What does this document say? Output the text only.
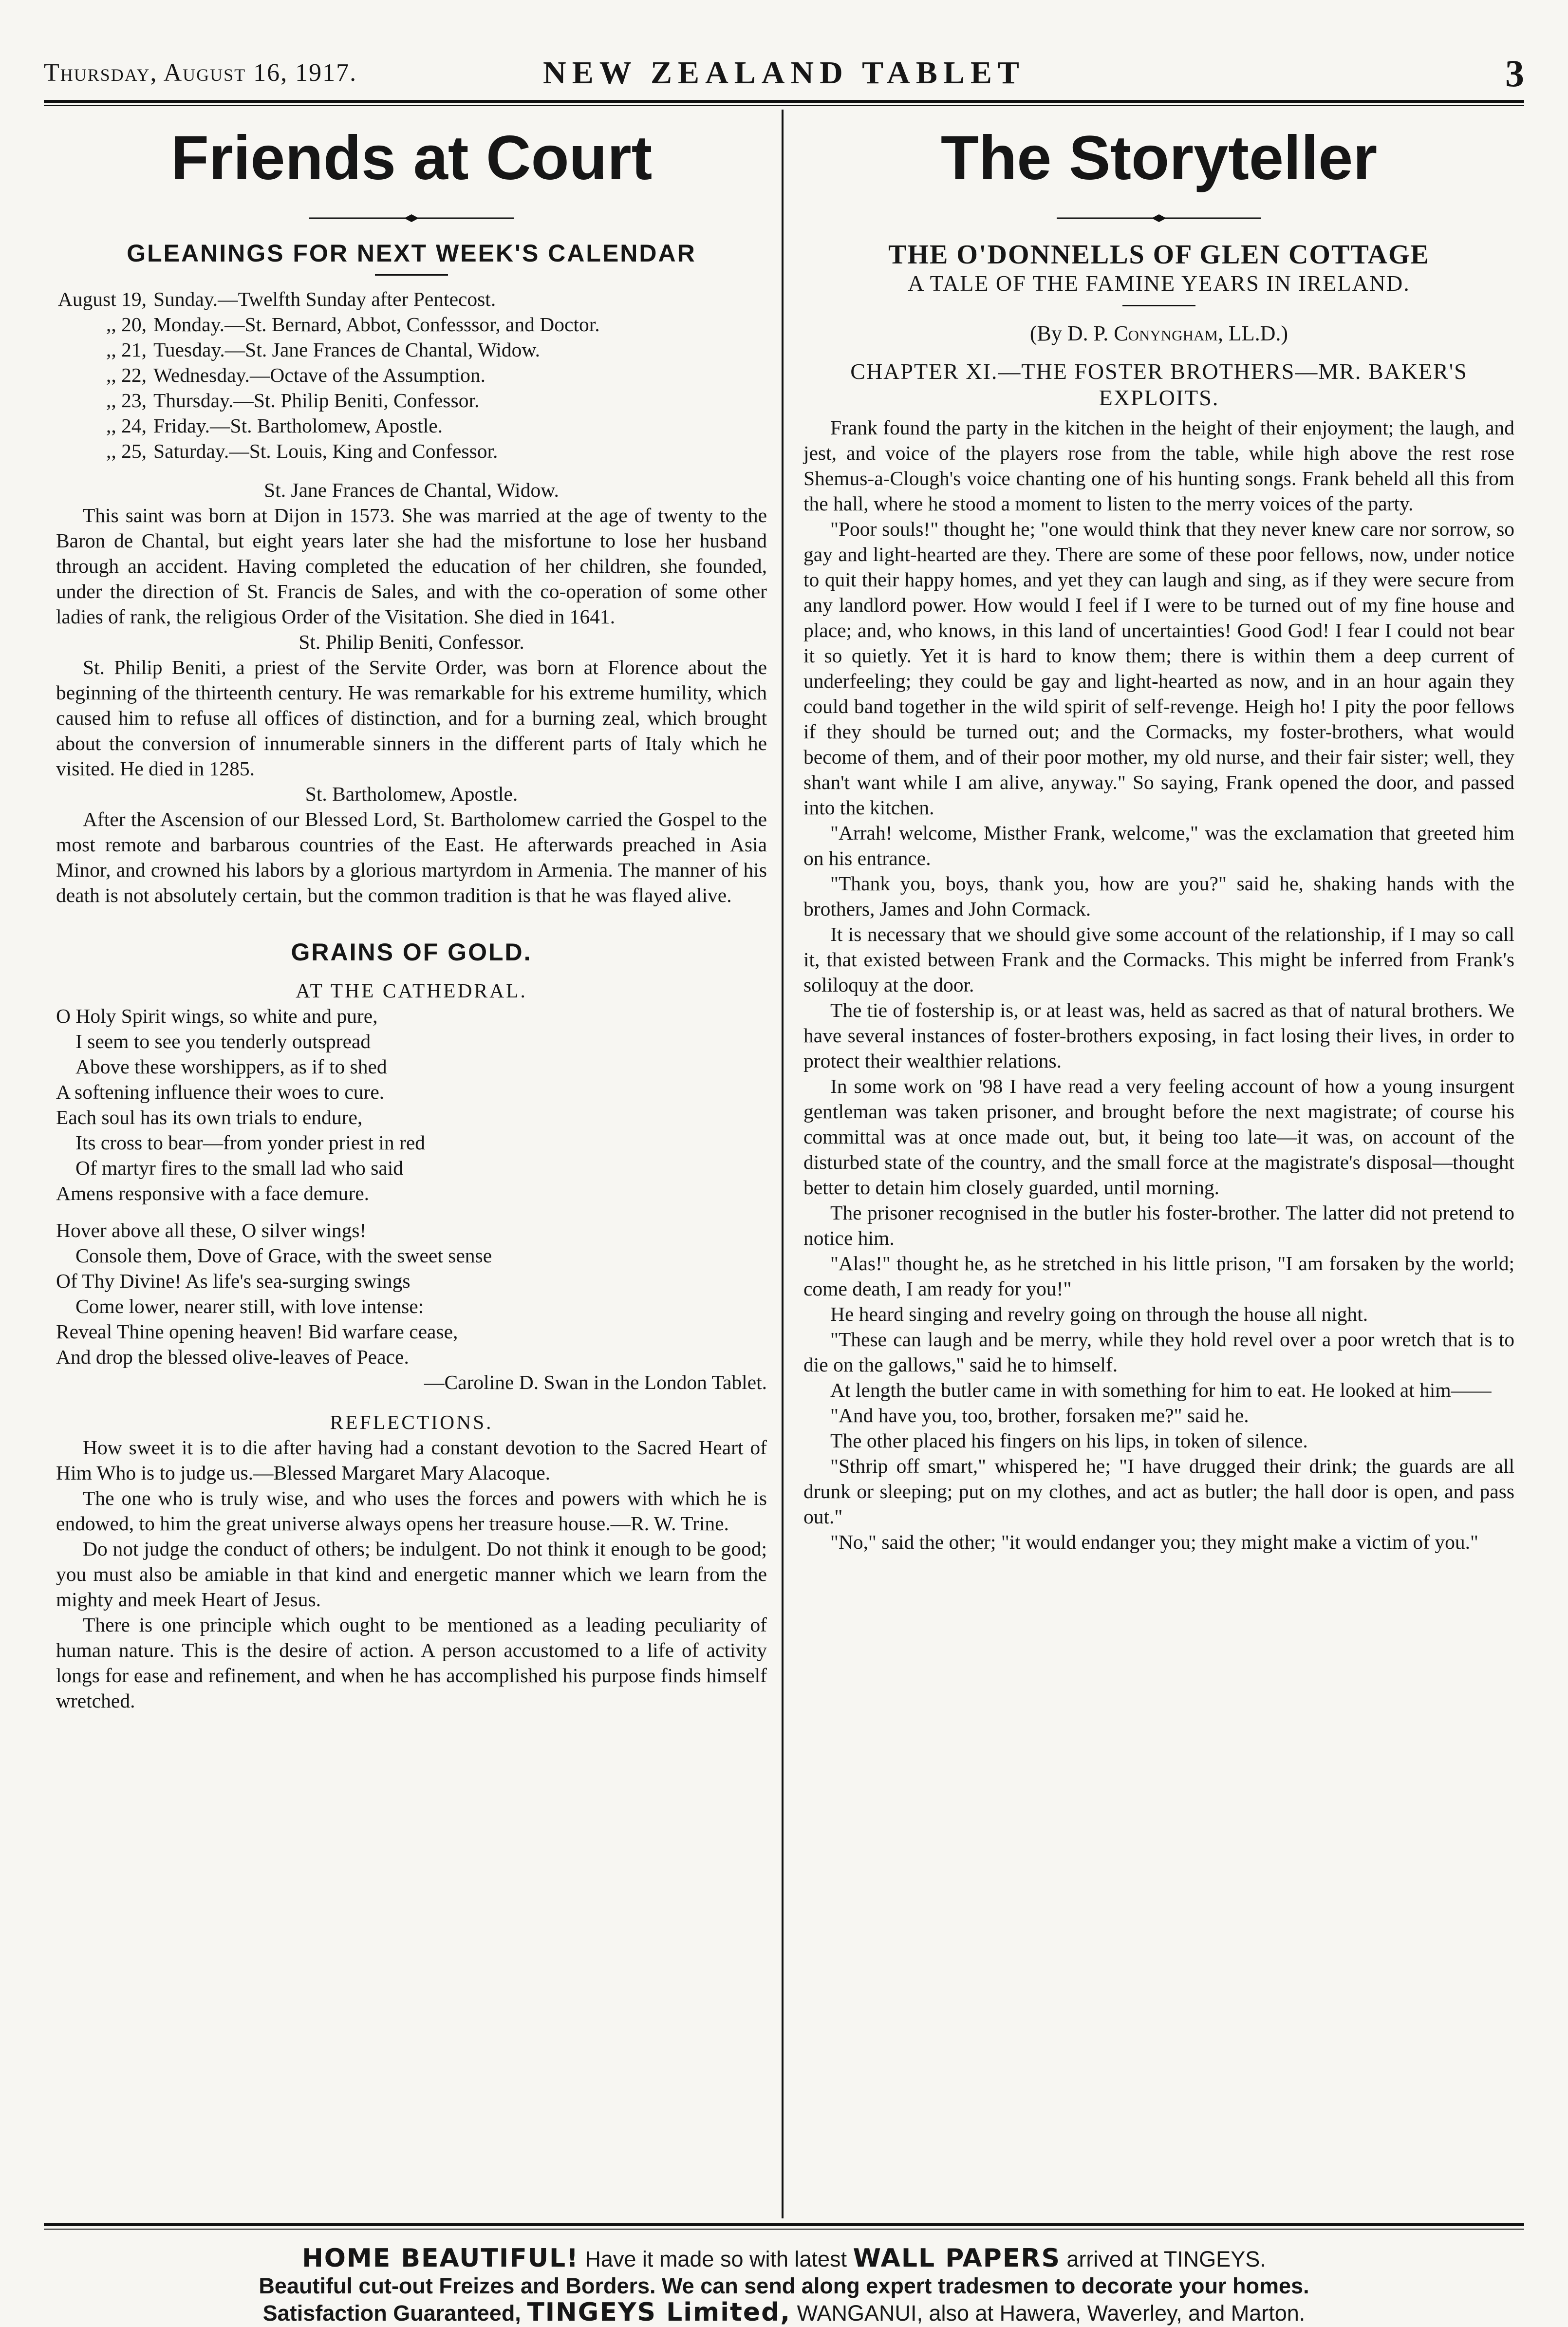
Thursday, August 16, 1917.	NEW ZEALAND TABLET	3
Friends at Court
GLEANINGS FOR NEXT WEEK'S CALENDAR
August 19, Sunday.—Twelfth Sunday after Pentecost.
,, 20, Monday.—St. Bernard, Abbot, Confesssor, and Doctor.
,, 21, Tuesday.—St. Jane Frances de Chantal, Widow.
,, 22, Wednesday.—Octave of the Assumption.
,, 23, Thursday.—St. Philip Beniti, Confessor.
,, 24, Friday.—St. Bartholomew, Apostle.
,, 25, Saturday.—St. Louis, King and Confessor.

St. Jane Frances de Chantal, Widow.

This saint was born at Dijon in 1573. She was married at the age of twenty to the Baron de Chantal, but eight years later she had the misfortune to lose her husband through an accident. Having completed the education of her children, she founded, under the direction of St. Francis de Sales, and with the co-operation of some other ladies of rank, the religious Order of the Visitation. She died in 1641.

St. Philip Beniti, Confessor.

St. Philip Beniti, a priest of the Servite Order, was born at Florence about the beginning of the thirteenth century. He was remarkable for his extreme humility, which caused him to refuse all offices of distinction, and for a burning zeal, which brought about the conversion of innumerable sinners in the different parts of Italy which he visited. He died in 1285.

St. Bartholomew, Apostle.

After the Ascension of our Blessed Lord, St. Bartholomew carried the Gospel to the most remote and barbarous countries of the East. He afterwards preached in Asia Minor, and crowned his labors by a glorious martyrdom in Armenia. The manner of his death is not absolutely certain, but the common tradition is that he was flayed alive.

GRAINS OF GOLD.

AT THE CATHEDRAL.

O Holy Spirit wings, so white and pure,
I seem to see you tenderly outspread
Above these worshippers, as if to shed
A softening influence their woes to cure.
Each soul has its own trials to endure,
Its cross to bear—from yonder priest in red
Of martyr fires to the small lad who said
Amens responsive with a face demure.
Hover above all these, O silver wings!
Console them, Dove of Grace, with the sweet sense
Of Thy Divine! As life's sea-surging swings
Come lower, nearer still, with love intense:
Reveal Thine opening heaven! Bid warfare cease,
And drop the blessed olive-leaves of Peace.

—Caroline D. Swan in the London Tablet.

REFLECTIONS.

How sweet it is to die after having had a constant devotion to the Sacred Heart of Him Who is to judge us.—Blessed Margaret Mary Alacoque.

The one who is truly wise, and who uses the forces and powers with which he is endowed, to him the great universe always opens her treasure house.—R. W. Trine.

Do not judge the conduct of others; be indulgent. Do not think it enough to be good; you must also be amiable in that kind and energetic manner which we learn from the mighty and meek Heart of Jesus.

There is one principle which ought to be mentioned as a leading peculiarity of human nature. This is the desire of action. A person accustomed to a life of activity longs for ease and refinement, and when he has accomplished his purpose finds himself wretched.

The Storyteller
THE O'DONNELLS OF GLEN COTTAGE

A TALE OF THE FAMINE YEARS IN IRELAND.

(By D. P. Conyngham, LL.D.)

CHAPTER XI.—THE FOSTER BROTHERS—MR. BAKER'S EXPLOITS.

Frank found the party in the kitchen in the height of their enjoyment; the laugh, and jest, and voice of the players rose from the table, while high above the rest rose Shemus-a-Clough's voice chanting one of his hunting songs. Frank beheld all this from the hall, where he stood a moment to listen to the merry voices of the party.

"Poor souls!" thought he; "one would think that they never knew care nor sorrow, so gay and light-hearted are they. There are some of these poor fellows, now, under notice to quit their happy homes, and yet they can laugh and sing, as if they were secure from any landlord power. How would I feel if I were to be turned out of my fine house and place; and, who knows, in this land of uncertainties! Good God! I fear I could not bear it so quietly. Yet it is hard to know them; there is within them a deep current of underfeeling; they could be gay and light-hearted as now, and in an hour again they could band together in the wild spirit of self-revenge. Heigh ho! I pity the poor fellows if they should be turned out; and the Cormacks, my foster-brothers, what would become of them, and of their poor mother, my old nurse, and their fair sister; well, they shan't want while I am alive, anyway." So saying, Frank opened the door, and passed into the kitchen.

"Arrah! welcome, Misther Frank, welcome," was the exclamation that greeted him on his entrance.

"Thank you, boys, thank you, how are you?" said he, shaking hands with the brothers, James and John Cormack.

It is necessary that we should give some account of the relationship, if I may so call it, that existed between Frank and the Cormacks. This might be inferred from Frank's soliloquy at the door.

The tie of fostership is, or at least was, held as sacred as that of natural brothers. We have several instances of foster-brothers exposing, in fact losing their lives, in order to protect their wealthier relations.

In some work on '98 I have read a very feeling account of how a young insurgent gentleman was taken prisoner, and brought before the next magistrate; of course his committal was at once made out, but, it being too late—it was, on account of the disturbed state of the country, and the small force at the magistrate's disposal—thought better to detain him closely guarded, until morning.

The prisoner recognised in the butler his foster-brother. The latter did not pretend to notice him.

"Alas!" thought he, as he stretched in his little prison, "I am forsaken by the world; come death, I am ready for you!"

He heard singing and revelry going on through the house all night.

"These can laugh and be merry, while they hold revel over a poor wretch that is to die on the gallows," said he to himself.

At length the butler came in with something for him to eat. He looked at him——

"And have you, too, brother, forsaken me?" said he.

The other placed his fingers on his lips, in token of silence.

"Sthrip off smart," whispered he; "I have drugged their drink; the guards are all drunk or sleeping; put on my clothes, and act as butler; the hall door is open, and pass out."

"No," said the other; "it would endanger you; they might make a victim of you."

HOME BEAUTIFUL! Have it made so with latest WALL PAPERS arrived at TINGEYS.
Beautiful cut-out Freizes and Borders. We can send along expert tradesmen to decorate your homes.
Satisfaction Guaranteed, TINGEYS Limited, WANGANUI, also at Hawera, Waverley, and Marton.
